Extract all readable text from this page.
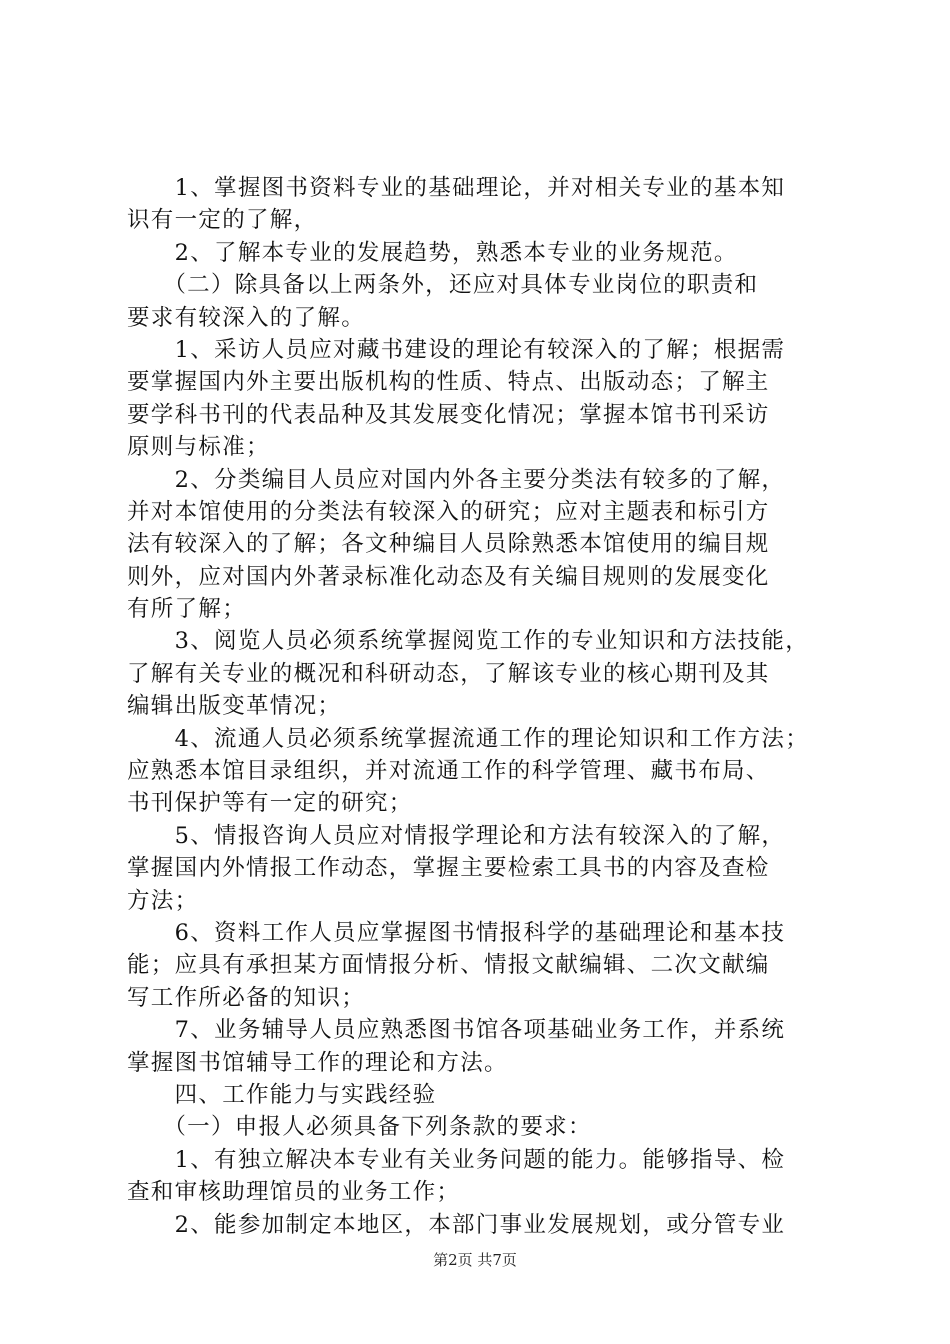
　　1、掌握图书资料专业的基础理论，并对相关专业的基本知
识有一定的了解，
　　2、了解本专业的发展趋势，熟悉本专业的业务规范。
　　（二）除具备以上两条外，还应对具体专业岗位的职责和
要求有较深入的了解。
　　1、采访人员应对藏书建设的理论有较深入的了解；根据需
要掌握国内外主要出版机构的性质、特点、出版动态；了解主
要学科书刊的代表品种及其发展变化情况；掌握本馆书刊采访
原则与标准；
　　2、分类编目人员应对国内外各主要分类法有较多的了解，
并对本馆使用的分类法有较深入的研究；应对主题表和标引方
法有较深入的了解；各文种编目人员除熟悉本馆使用的编目规
则外，应对国内外著录标准化动态及有关编目规则的发展变化
有所了解；
　　3、阅览人员必须系统掌握阅览工作的专业知识和方法技能，
了解有关专业的概况和科研动态，了解该专业的核心期刊及其
编辑出版变革情况；
　　4、流通人员必须系统掌握流通工作的理论知识和工作方法；
应熟悉本馆目录组织，并对流通工作的科学管理、藏书布局、
书刊保护等有一定的研究；
　　5、情报咨询人员应对情报学理论和方法有较深入的了解，
掌握国内外情报工作动态，掌握主要检索工具书的内容及查检
方法；
　　6、资料工作人员应掌握图书情报科学的基础理论和基本技
能；应具有承担某方面情报分析、情报文献编辑、二次文献编
写工作所必备的知识；
　　7、业务辅导人员应熟悉图书馆各项基础业务工作，并系统
掌握图书馆辅导工作的理论和方法。
　　四、工作能力与实践经验
　　（一）申报人必须具备下列条款的要求：
　　1、有独立解决本专业有关业务问题的能力。能够指导、检
查和审核助理馆员的业务工作；
　　2、能参加制定本地区，本部门事业发展规划，或分管专业
第2页 共7页
